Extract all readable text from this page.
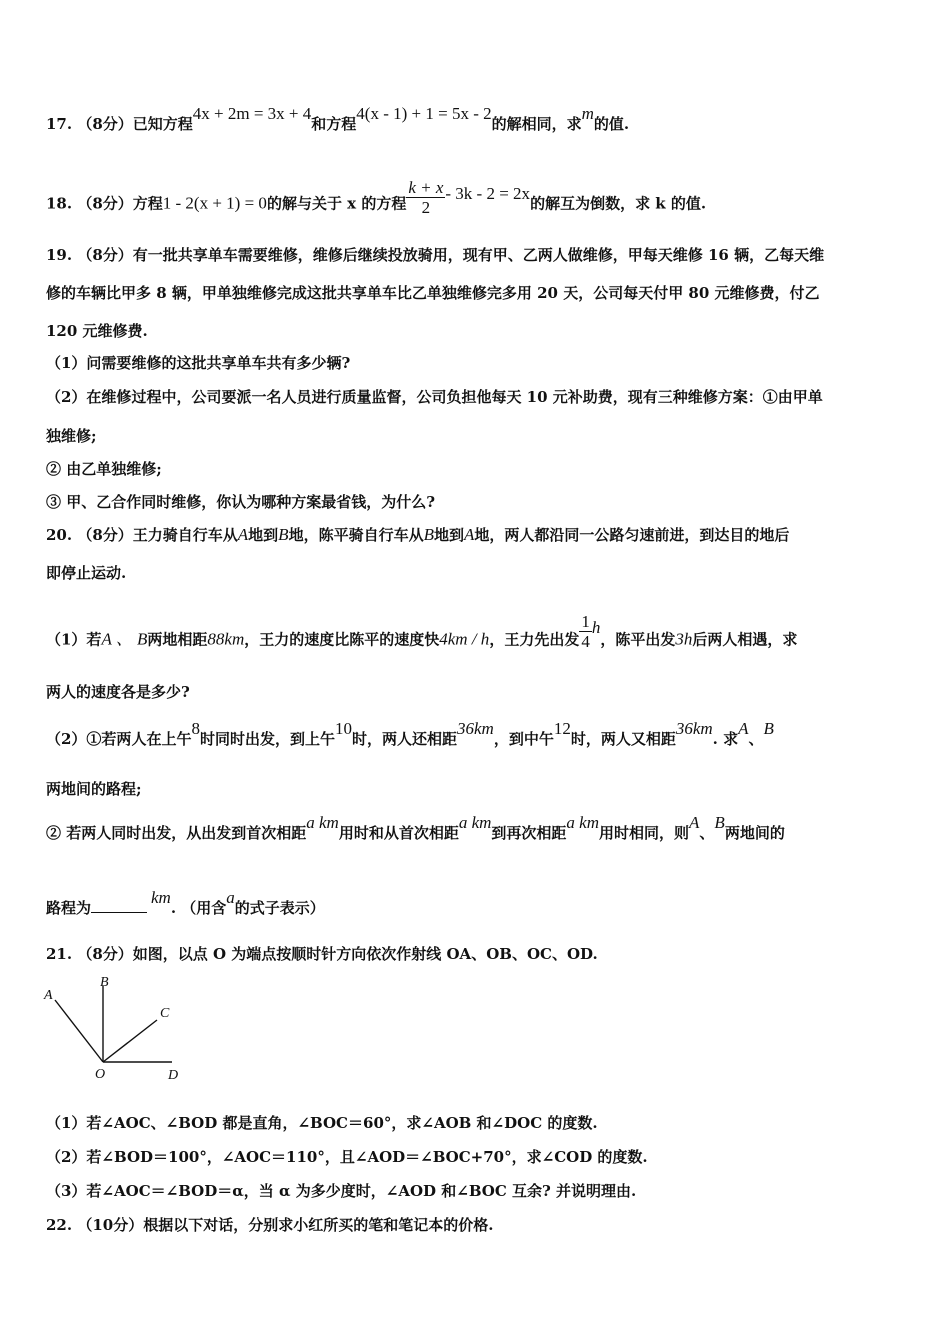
17. （8分）已知方程4x + 2m = 3x + 4和方程4(x - 1) + 1 = 5x - 2的解相同，求m的值.
18. （8分）方程1 - 2(x + 1) = 0的解与关于 x 的方程 $\frac{k + x}{2} - 3k - 2 = 2x$的解互为倒数，求 k 的值.
19. （8分）有一批共享单车需要维修，维修后继续投放骑用，现有甲、乙两人做维修，甲每天维修 16 辆，乙每天维
修的车辆比甲多 8 辆，甲单独维修完成这批共享单车比乙单独维修完多用 20 天，公司每天付甲 80 元维修费，付乙
120 元维修费.
（1）问需要维修的这批共享单车共有多少辆?
（2）在维修过程中，公司要派一名人员进行质量监督，公司负担他每天 10 元补助费，现有三种维修方案：①由甲单
独维修;
② 由乙单独维修;
③ 甲、乙合作同时维修，你认为哪种方案最省钱，为什么?
20. （8分）王力骑自行车从A地到B地，陈平骑自行车从B地到A地，两人都沿同一公路匀速前进，到达目的地后
即停止运动.
（1）若A 、 B两地相距88km，王力的速度比陈平的速度快4km / h，王力先出发 $\frac{1}{4}$ h，陈平出发3h后两人相遇，求
两人的速度各是多少?
（2）①若两人在上午8时同时出发，到上午10时，两人还相距36km，到中午12时，两人又相距36km. 求A、B
两地间的路程;
② 若两人同时出发，从出发到首次相距a km用时和从首次相距a km到再次相距a km用时相同，则A、B两地间的
路程为km. （用含a的式子表示）
21. （8分）如图，以点 O 为端点按顺时针方向依次作射线 OA、OB、OC、OD.
A
B
C
O	D
（1）若∠AOC、∠BOD 都是直角，∠BOC＝60°，求∠AOB 和∠DOC 的度数.
（2）若∠BOD＝100°，∠AOC＝110°，且∠AOD＝∠BOC+70°，求∠COD 的度数.
（3）若∠AOC＝∠BOD＝α，当 α 为多少度时，∠AOD 和∠BOC 互余? 并说明理由.
22. （10分）根据以下对话，分别求小红所买的笔和笔记本的价格.
